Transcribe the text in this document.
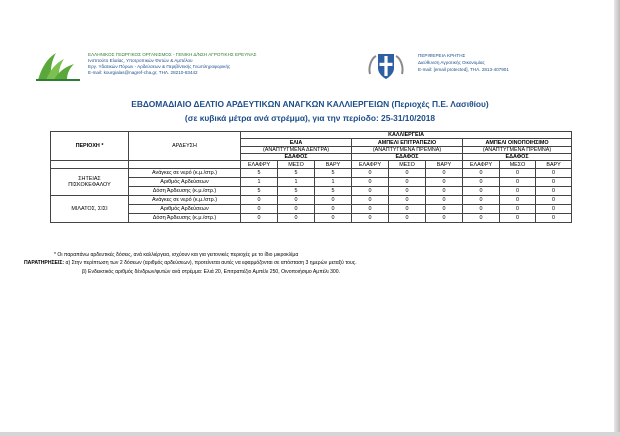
ΕΛΛΗΝΙΚΟΣ ΓΕΩΡΓΙΚΟΣ ΟΡΓΑΝΙΣΜΟΣ - ΓΕΝΙΚΗ Δ/ΝΣΗ ΑΓΡΟΤΙΚΗΣ ΕΡΕΥΝΑΣ
Ινστιτούτο Ελαίας, Υποτροπικών Φυτών & Αμπέλου
Εργ. Υδατικών Πόρων - Αρδεύσεων & Περιβ/ντικής Γεωπληροφορικής
E-mail: kourgialas@nagref-cha.gr, ΤΗΛ. 28210-83442
ΠΕΡΙΦΕΡΕΙΑ ΚΡΗΤΗΣ
Διεύθυνση Αγροτικής Οικονομίας
E-mail: [email protected], ΤΗΛ. 2813-407901
ΕΒΔΟΜΑΔΙΑΙΟ ΔΕΛΤΙΟ ΑΡΔΕΥΤΙΚΩΝ ΑΝΑΓΚΩΝ ΚΑΛΛΙΕΡΓΕΙΩΝ (Περιοχές Π.Ε. Λασιθίου)
(σε κυβικά μέτρα ανά στρέμμα), για την περίοδο: 25-31/10/2018
ΠΕΡΙΟΧΗ *	ΑΡΔΕΥΣΗ	ΚΑΛΛΙΕΡΓΕΙΑ								
		ΕΛΙΑ			ΑΜΠΕΛΙ ΕΠΙΤΡΑΠΕΖΙΟ			ΑΜΠΕΛΙ ΟΙΝΟΠΟΙΗΣΙΜΟ		
		(ΑΝΑΠΤΥΓΜΕΝΑ ΔΕΝΤΡΑ)			(ΑΝΑΠΤΥΓΜΕΝΑ ΠΡΕΜΝΑ)			(ΑΝΑΠΤΥΓΜΕΝΑ ΠΡΕΜΝΑ)		
		ΕΔΑΦΟΣ			ΕΔΑΦΟΣ			ΕΔΑΦΟΣ		
		ΕΛΑΦΡΥ	ΜΕΣΟ	ΒΑΡΥ	ΕΛΑΦΡΥ	ΜΕΣΟ	ΒΑΡΥ	ΕΛΑΦΡΥ	ΜΕΣΟ	ΒΑΡΥ

ΣΗΤΕΙΑΣ
ΠΙΣΚΟΚΕΦΑΛΟΥ	Ανάγκες σε νερό (κ.μ./στρ.)	5	5	5	0	0	0	0	0	0
	Αριθμός Αρδεύσεων	1	1	1	0	0	0	0	0	0
	Δόση Άρδευσης (κ.μ./στρ.)	5	5	5	0	0	0	0	0	0

ΜΙΛΑΤΟΣ, ΣΙΣΙ	Ανάγκες σε νερό (κ.μ./στρ.)	0	0	0	0	0	0	0	0	0
	Αριθμός Αρδεύσεων	0	0	0	0	0	0	0	0	0
	Δόση Άρδευσης (κ.μ./στρ.)	0	0	0	0	0	0	0	0	0
* Οι παραπάνω αρδευτικές δόσεις, ανά καλλιέργεια, ισχύουν και για γειτονικές περιοχές με το ίδιο μικροκλίμα
ΠΑΡΑΤΗΡΗΣΕΙΣ: α) Στην περίπτωση των 2 δόσεων (αριθμός αρδεύσεων), προτείνεται αυτές να εφαρμόζονται σε απόσταση 3 ημερών μεταξύ τους.
β) Ενδεικτικός αριθμός δένδρων/φυτών ανά στρέμμα: Ελιά 20, Επιτραπέζιο Αμπέλι 250, Οινοποιήσιμο Αμπέλι 300.
